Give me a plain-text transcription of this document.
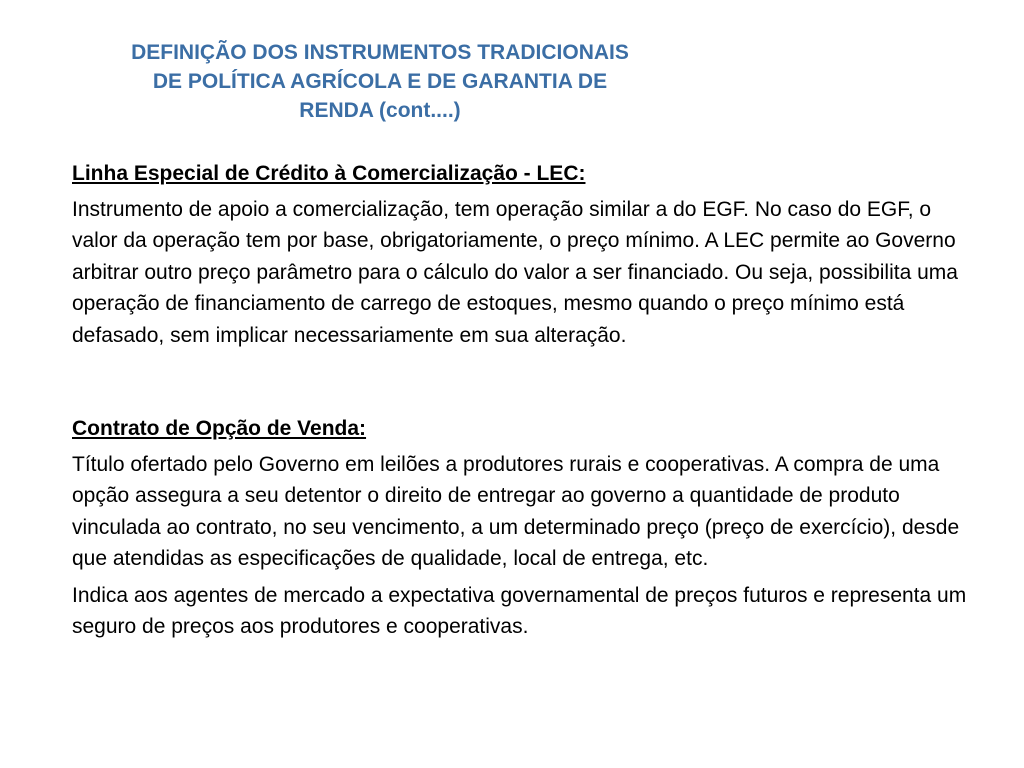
DEFINIÇÃO DOS INSTRUMENTOS TRADICIONAIS
DE POLÍTICA AGRÍCOLA E DE GARANTIA DE
RENDA (cont....)

Linha Especial de Crédito à Comercialização - LEC:

Instrumento de apoio a comercialização, tem operação similar a do EGF. No caso do EGF, o valor da operação tem por base, obrigatoriamente, o preço mínimo. A LEC permite ao Governo arbitrar outro preço parâmetro para o cálculo do valor a ser financiado. Ou seja, possibilita uma operação de financiamento de carrego de estoques, mesmo quando o preço mínimo está defasado, sem implicar necessariamente em sua alteração.

Contrato de Opção de Venda:

Título ofertado pelo Governo em leilões a produtores rurais e cooperativas. A compra de uma opção assegura a seu detentor o direito de entregar ao governo a quantidade de produto vinculada ao contrato, no seu vencimento, a um determinado preço (preço de exercício), desde que atendidas as especificações de qualidade, local de entrega, etc.

Indica aos agentes de mercado a expectativa governamental de preços futuros e representa um seguro de preços aos produtores e cooperativas.
